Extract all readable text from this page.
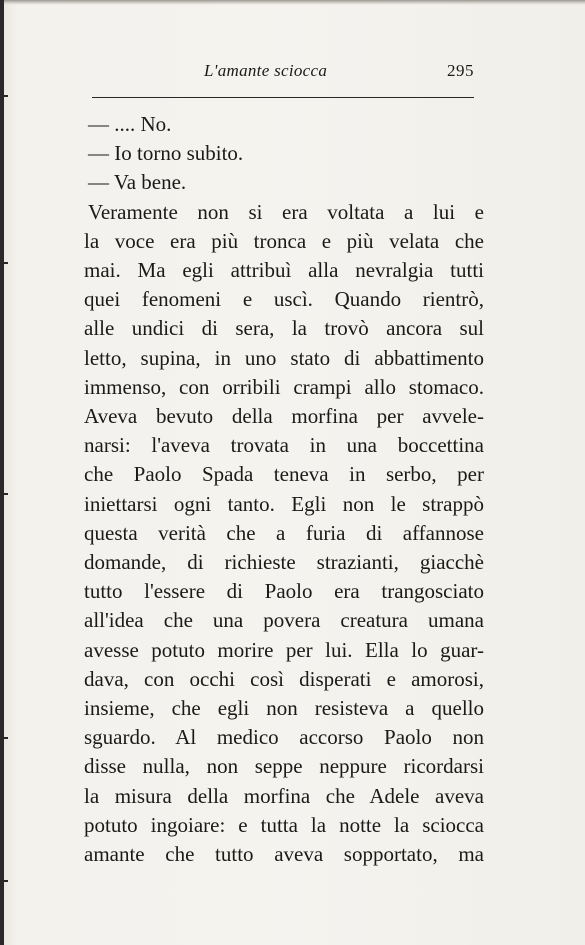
L'amante sciocca	295
— .... No.
— Io torno subito.
— Va bene.
Veramente non si era voltata a lui e
la voce era più tronca e più velata che
mai. Ma egli attribuì alla nevralgia tutti
quei fenomeni e uscì. Quando rientrò,
alle undici di sera, la trovò ancora sul
letto, supina, in uno stato di abbattimento
immenso, con orribili crampi allo stomaco.
Aveva bevuto della morfina per avvele-
narsi: l'aveva trovata in una boccettina
che Paolo Spada teneva in serbo, per
iniettarsi ogni tanto. Egli non le strappò
questa verità che a furia di affannose
domande, di richieste strazianti, giacchè
tutto l'essere di Paolo era trangosciato
all'idea che una povera creatura umana
avesse potuto morire per lui. Ella lo guar-
dava, con occhi così disperati e amorosi,
insieme, che egli non resisteva a quello
sguardo. Al medico accorso Paolo non
disse nulla, non seppe neppure ricordarsi
la misura della morfina che Adele aveva
potuto ingoiare: e tutta la notte la sciocca
amante che tutto aveva sopportato, ma
